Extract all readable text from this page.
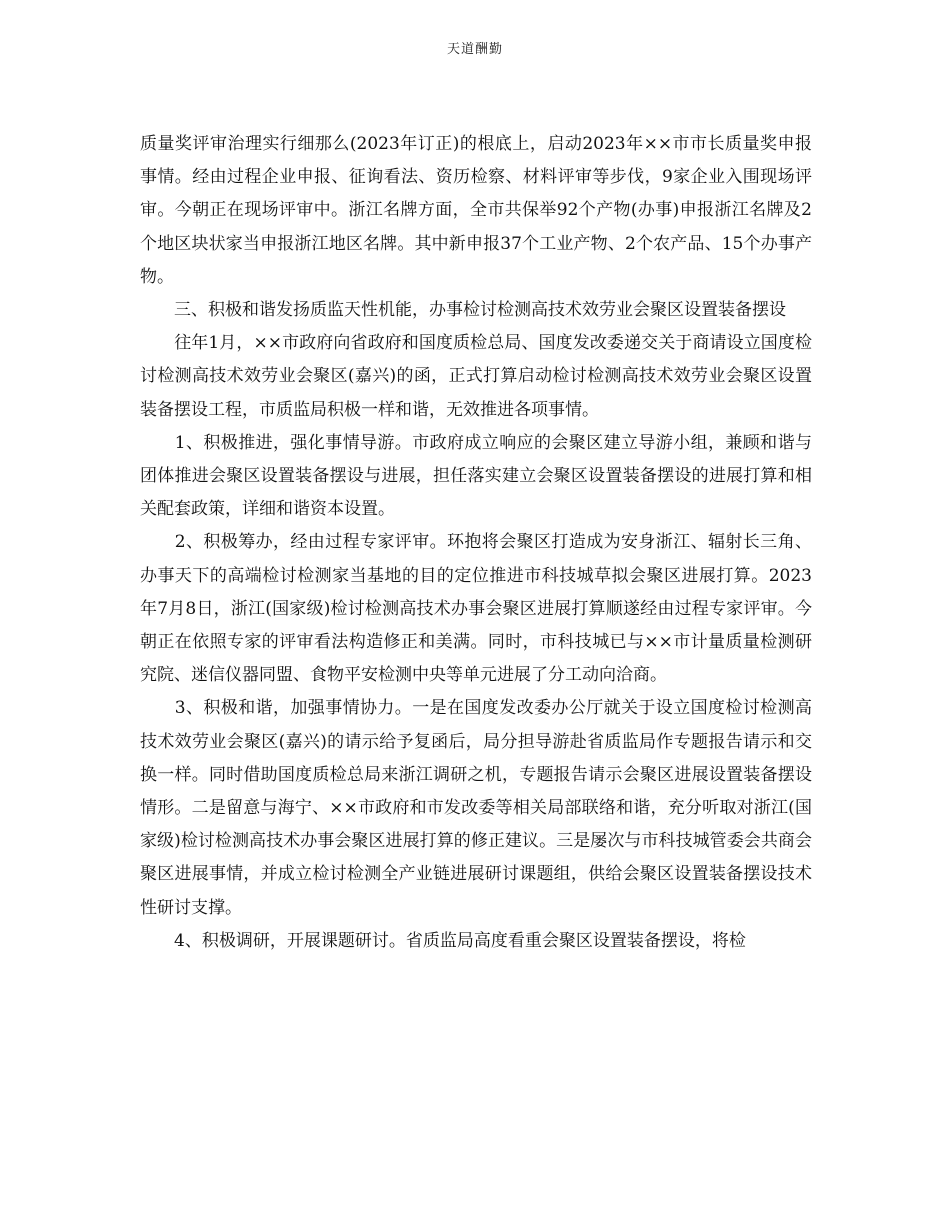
天道酬勤

质量奖评审治理实行细那么(2023年订正)的根底上，启动2023年××市市长质量奖申报事情。经由过程企业申报、征询看法、资历检察、材料评审等步伐，9家企业入围现场评审。今朝正在现场评审中。浙江名牌方面，全市共保举92个产物(办事)申报浙江名牌及2个地区块状家当申报浙江地区名牌。其中新申报37个工业产物、2个农产品、15个办事产物。

　　三、积极和谐发扬质监天性机能，办事检讨检测高技术效劳业会聚区设置装备摆设

　　往年1月，××市政府向省政府和国度质检总局、国度发改委递交关于商请设立国度检讨检测高技术效劳业会聚区(嘉兴)的函，正式打算启动检讨检测高技术效劳业会聚区设置装备摆设工程，市质监局积极一样和谐，无效推进各项事情。

　　1、积极推进，强化事情导游。市政府成立响应的会聚区建立导游小组，兼顾和谐与团体推进会聚区设置装备摆设与进展，担任落实建立会聚区设置装备摆设的进展打算和相关配套政策，详细和谐资本设置。

　　2、积极筹办，经由过程专家评审。环抱将会聚区打造成为安身浙江、辐射长三角、办事天下的高端检讨检测家当基地的目的定位推进市科技城草拟会聚区进展打算。2023年7月8日，浙江(国家级)检讨检测高技术办事会聚区进展打算顺遂经由过程专家评审。今朝正在依照专家的评审看法构造修正和美满。同时，市科技城已与××市计量质量检测研究院、迷信仪器同盟、食物平安检测中央等单元进展了分工动向洽商。

　　3、积极和谐，加强事情协力。一是在国度发改委办公厅就关于设立国度检讨检测高技术效劳业会聚区(嘉兴)的请示给予复函后，局分担导游赴省质监局作专题报告请示和交换一样。同时借助国度质检总局来浙江调研之机，专题报告请示会聚区进展设置装备摆设情形。二是留意与海宁、××市政府和市发改委等相关局部联络和谐，充分听取对浙江(国家级)检讨检测高技术办事会聚区进展打算的修正建议。三是屡次与市科技城管委会共商会聚区进展事情，并成立检讨检测全产业链进展研讨课题组，供给会聚区设置装备摆设技术性研讨支撑。

　　4、积极调研，开展课题研讨。省质监局高度看重会聚区设置装备摆设，将检
